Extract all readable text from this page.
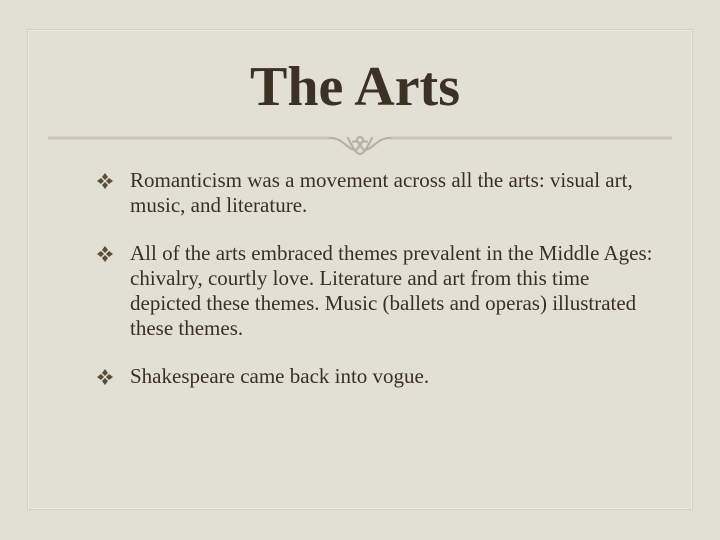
The Arts
Romanticism was a movement across all the arts: visual art, music, and literature.
All of the arts embraced themes prevalent in the Middle Ages: chivalry, courtly love. Literature and art from this time depicted these themes. Music (ballets and operas) illustrated these themes.
Shakespeare came back into vogue.
